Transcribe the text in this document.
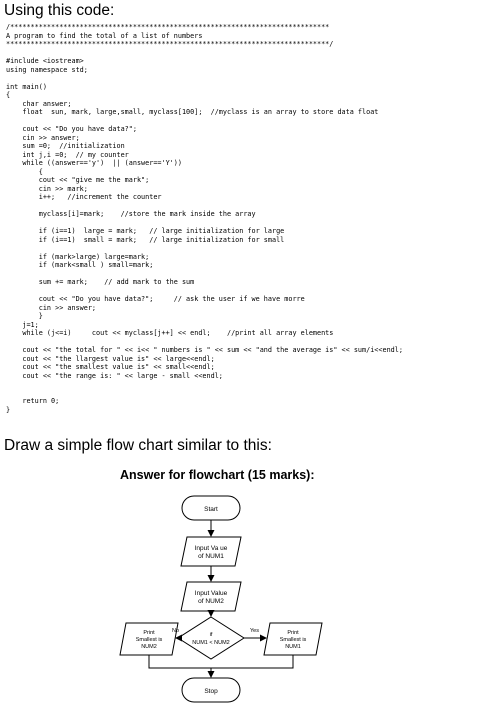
Using this code:
/******************************************************************************
A program to find the total of a list of numbers
*******************************************************************************/
#include <iostream>
using namespace std;
int main()
{
char answer;
float  sun, mark, large,small, myclass[100];  //myclass is an array to store data float
cout << "Do you have data?";
cin >> answer;
sum =0;  //initialization
int j,i =0;  // my counter
while ((answer=='y')  || (answer=='Y'))
{
cout << "give me the mark";
cin >> mark;
i++;   //increment the counter
myclass[i]=mark;    //store the mark inside the array
if (i==1)  large = mark;   // large initialization for large
if (i==1)  small = mark;   // large initialization for small
if (mark>large) large=mark;
if (mark<small ) small=mark;
sum += mark;    // add mark to the sum
cout << "Do you have data?";     // ask the user if we have morre
cin >> answer;
}
j=1;
while (j<=i)     cout << myclass[j++] << endl;    //print all array elements
cout << "the total for " << i<< " numbers is " << sum << "and the average is" << sum/i<<endl;
cout << "the llargest value is" << large<<endl;
cout << "the smallest value is" << small<<endl;
cout << "the range is: " << large - small <<endl;
return 0;
}
Draw a simple flow chart similar to this:

Answer for flowchart (15 marks):

Start
Input Va ue
of NUM1
Input Value
of NUM2
if
NUM1 < NUM2
Print
Smallest is
NUM2
Print
Smallest is
NUM1
No	Yes
Stop
